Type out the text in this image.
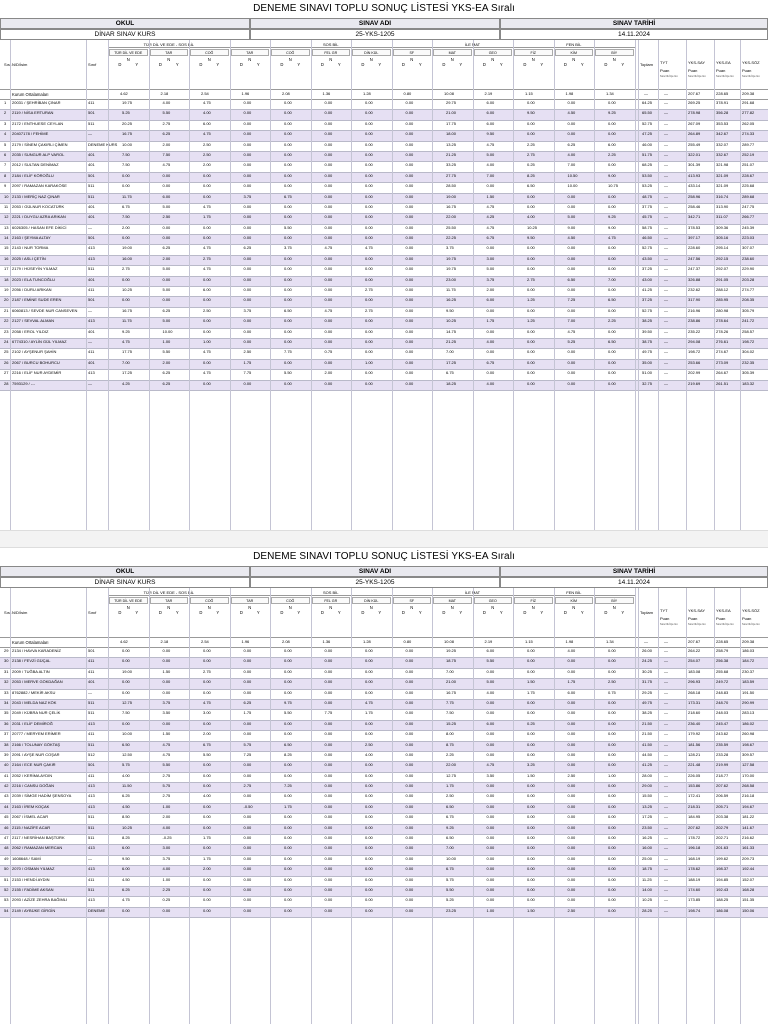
DENEME SINAVI TOPLU SONUÇ LİSTESİ YKS-EA Sıralı
OKUL	SINAV ADI	SINAV TARİHİ
DİNAR SINAV KURS	25-YKS-1205	14.11.2024
Sıra N/D/İsim	Sınıf
TÜR DİL VE EDE - SOS BİL	SOS BİL	İLE MAT	FEN BİL
TÜR DİL VE EDE
N
D	Y
TAR
N
D	Y
COĞ
N
D	Y
TAR
N
D	Y
COĞ
N
D	Y
FEL GR
N
D	Y
DİN KÜL
N
D	Y
SF
N
D	Y
MAT
N
D	Y
GEO
N
D	Y
FİZ
N
D	Y
KİM
N
D	Y
BİY
N
D	Y	Toplam TYT
Puan
Sıra Ok İlçe Gn
YKS-SAY
Puan
Sıra Ok İlçe Gn
YKS-EA
Puan
Sıra Ok İlçe Gn
YKS-SÖZ
Puan
Sıra Ok İlçe Gn
Kurum Ortalamaları	4.62	2.18	2.54	1.96	2.08	1.36	1.28	0.80	10.08	2.19	1.15	1.98	1.34	—	—	207.67	228.65	209.38
1 20031 / ŞEHRİBAN ÇINAR	411	19.75	4.00	4.75	0.00	0.00	0.00	0.00	0.00	29.75	6.00	0.00	0.00	0.00	64.25	—	269.25	378.91	291.68
2 2119 / NİSA ERTURAN	501	5.25	5.50	4.00	0.00	0.00	0.00	0.00	0.00	21.00	6.00	9.50	4.50	9.25	65.50	—	278.98	356.28	277.82
3 2172 / ENTHUESE CEYLAN	511	20.25	2.75	6.00	0.00	0.00	0.00	0.00	0.00	17.75	6.00	0.00	0.00	0.00	52.75	—	267.09	353.53	262.05
4 20407178 / FEHİME	—	16.75	6.25	4.75	0.00	0.00	0.00	0.00	0.00	18.00	9.50	0.00	0.00	0.00	47.25	—	264.89	342.67	274.33
5 2179 / SİNEM ÇAKIRLI ÇİMEN	DENEME KURS 10.00	2.00	2.50	0.00	0.00	0.00	0.00	0.00	13.25	4.75	2.25	6.25	6.00	46.00	—	255.49	332.07	289.77
6 2035 / SUNGUR ALP VAROL	401	7.50	7.50	2.50	0.00	0.00	0.00	0.00	0.00	21.25	5.00	2.75	4.00	2.25	51.75	—	322.01	332.67	252.19
7 2012 / SULTAN DENİMAZ	401	7.50	4.75	2.00	0.00	0.00	0.00	0.00	0.00	33.25	4.00	0.25	7.00	0.00	68.25	—	301.39	321.98	251.07
8 2184 / ELİF KÖROĞLU	501	0.00	0.00	0.00	0.00	0.00	0.00	0.00	0.00	27.75	7.00	8.25	10.50	9.00	53.50	—	413.93	321.09	228.67
9 2097 / RAMAZAN KARAKÖSE	511	0.00	0.00	0.00	0.00	0.00	0.00	0.00	0.00	28.50	0.00	6.50	10.00	10.75	53.25	—	433.14	321.09	225.68
10 2133 / MERİÇ NAZ ÇINAR	511	11.75	6.00	0.00	3.75	6.75	0.00	0.00	0.00	19.00	1.50	0.00	0.00	0.00	48.75	—	258.96	316.74	289.68
11 2053 / GÜLNUR KOCATÜRK	401	6.75	5.00	4.75	0.00	0.00	0.00	0.00	0.00	16.75	4.75	0.00	0.00	0.00	37.75	—	258.46	313.90	247.75
12 2221 / DUYGU AZRA ARIKAN	401	7.50	2.50	1.75	0.00	0.00	0.00	0.00	0.00	22.00	4.25	4.00	5.00	9.25	45.75	—	342.71	311.07	266.77
13 6026305 / HASAN EFE DİKİCİ	—	2.00	0.00	0.00	0.00	5.50	0.00	0.00	0.00	25.50	4.75	10.25	9.00	9.00	58.75	—	378.53	309.36	245.39
14 2163 / ŞEYMA ALTAY	501	0.00	0.00	0.00	0.00	0.00	0.00	0.00	0.00	22.25	6.75	9.50	4.50	4.75	46.50	—	397.17	305.16	223.03
15 2143 / NUR TORMA	413	19.00	6.25	4.75	6.25	3.75	4.75	4.75	0.00	3.75	0.00	0.00	0.00	0.00	52.75	—	228.60	295.14	307.07
16 2025 / ASLI ÇETİN	413	16.00	2.00	2.75	0.00	0.00	0.00	0.00	0.00	19.75	3.00	0.00	0.00	0.00	43.50	—	247.56	292.15	238.60
17 2179 / HÜSEYİN YILMAZ	511	2.75	5.00	4.75	0.00	0.00	0.00	0.00	0.00	19.75	5.00	0.00	0.00	0.00	37.25	—	247.37	292.07	229.90
18 2023 / ELA TUNCOĞLU	401	0.00	0.00	0.00	0.00	0.00	0.00	0.00	0.00	23.00	3.75	2.75	6.50	7.00	43.00	—	326.88	291.05	203.28
19 2056 / DURU ARIKAN	411	10.25	5.00	6.00	0.00	0.00	0.00	2.75	0.00	11.75	2.00	0.00	0.00	0.00	41.25	—	232.62	288.12	274.77
20 2187 / EMİNE SUDE EREN	501	0.00	0.00	0.00	0.00	0.00	0.00	0.00	0.00	16.25	6.00	1.25	7.25	6.50	37.25	—	317.90	285.95	208.35
21 6060813 / SEVDE NUR CANSEVEN	—	16.75	6.25	2.50	3.75	6.50	4.75	2.75	0.00	9.50	0.00	0.00	0.00	0.00	52.75	—	216.96	280.98	305.79
22 2127 / SEVVAL ALMAN	413	11.75	5.00	0.00	0.00	0.00	0.00	0.00	0.00	10.25	1.75	1.25	7.00	2.25	38.25	—	238.86	278.64	241.72
23 2058 / EROL YILDIZ	401	9.25	10.00	0.00	0.00	0.00	0.00	0.00	0.00	14.75	0.00	0.00	4.75	0.00	39.50	—	235.22	278.26	258.57
24 6774310 / AYLİN GÜL YILMAZ	—	4.75	1.00	1.00	0.00	0.00	0.00	0.00	0.00	21.25	4.00	0.00	5.25	6.50	38.75	—	294.08	276.61	198.72
25 2102 / AYŞENUR ŞAHİN	411	17.75	5.50	4.75	2.50	7.75	0.75	0.00	0.00	7.00	0.00	0.00	0.00	0.00	49.75	—	198.72	274.67	304.02
26 2067 / BURCU BOHURCU	401	7.00	2.00	0.00	1.75	0.00	0.00	1.00	0.00	17.25	6.75	0.00	0.00	0.00	35.00	—	253.66	273.09	232.35
27 2216 / ELİF NUR AYDEMİR	413	17.25	6.25	4.75	7.75	5.50	2.00	0.00	0.00	6.75	0.00	0.00	0.00	0.00	51.00	—	202.99	264.67	305.39
28 7593129 / ---	—	4.25	6.25	0.00	0.00	0.00	0.00	0.00	0.00	18.25	4.00	0.00	0.00	0.00	32.75	—	219.69	261.51	183.32
DENEME SINAVI TOPLU SONUÇ LİSTESİ YKS-EA Sıralı
OKUL	SINAV ADI	SINAV TARİHİ
DİNAR SINAV KURS	25-YKS-1205	14.11.2024
Sıra N/D/İsim	Sınıf
TÜR DİL VE EDE - SOS BİL	SOS BİL	İLE MAT	FEN BİL
TÜR DİL VE EDE
N
D	Y
TAR
N
D	Y
COĞ
N
D	Y
TAR
N
D	Y
COĞ
N
D	Y
FEL GR
N
D	Y
DİN KÜL
N
D	Y
SF
N
D	Y
MAT
N
D	Y
GEO
N
D	Y
FİZ
N
D	Y
KİM
N
D	Y
BİY
N
D	Y	Toplam TYT
Puan
Sıra Ok İlçe Gn
YKS-SAY
Puan
Sıra Ok İlçe Gn
YKS-EA
Puan
Sıra Ok İlçe Gn
YKS-SÖZ
Puan
Sıra Ok İlçe Gn
Kurum Ortalamaları	4.62	2.18	2.54	1.96	2.08	1.36	1.28	0.80	10.08	2.19	1.15	1.98	1.34	—	—	207.67	228.65	209.38
29 2134 / HAVVA KARADENİZ	501	0.00	0.00	0.00	0.00	0.00	0.00	0.00	0.00	19.25	6.00	0.00	4.00	0.00	26.00	—	264.22	258.79	186.03
30 2138 / FEVZİ GÜÇAL	411	0.00	0.00	0.00	0.00	0.00	0.00	0.00	0.00	18.75	5.50	0.00	0.00	0.00	24.25	—	254.07	256.38	184.72
31 2009 / TUĞBA ALTIN	411	19.00	1.50	2.75	0.00	0.00	0.00	0.00	0.00	7.00	0.00	0.00	0.00	0.00	30.25	—	183.08	255.68	230.37
32 2053 / MERVE GÖKDAĞAN	401	0.00	0.00	0.00	0.00	0.00	0.00	0.00	0.00	21.00	5.00	1.50	1.75	2.50	31.75	—	296.93	249.72	183.59
33 8762882 / MEKİR AKSU	—	0.00	0.00	0.00	0.00	0.00	0.00	0.00	0.00	16.75	4.00	1.75	6.00	0.75	29.25	—	268.18	248.83	191.50
34 2043 / MELDA NAZ KÖK	511	12.75	3.75	4.75	6.25	9.75	0.00	4.75	0.00	7.75	0.00	0.00	0.00	0.00	49.75	—	173.31	248.70	290.99
35 2049 / KÜBRA NUR ÇELİK	511	7.50	3.50	3.00	1.75	5.50	7.75	1.75	0.00	7.50	0.00	0.00	0.00	0.00	38.25	—	218.60	248.03	283.13
36 2031 / ELİF DEMİROĞ	413	0.00	0.00	0.00	0.00	0.00	0.00	0.00	0.00	15.25	6.00	0.25	0.00	0.00	21.50	—	236.40	245.47	186.02
37 20777 / MERYEM ERİMER	411	10.00	1.50	2.00	0.00	0.00	0.00	0.00	0.00	8.00	0.00	0.00	0.00	0.00	21.50	—	179.92	243.62	260.98
38 2166 / TOLUNAY GÖKTAŞ	511	6.50	4.75	6.75	5.75	6.50	0.00	2.50	0.00	8.75	0.00	0.00	0.00	0.00	41.50	—	181.56	235.59	198.67
39 2091 / AYŞE NUR COŞAR	512	12.50	4.75	5.50	7.25	8.25	0.00	4.00	0.00	2.25	0.00	0.00	0.00	0.00	44.50	—	128.21	233.28	309.57
40 2164 / ECE NUR ÇAKIR	501	5.75	5.50	0.00	0.00	0.00	0.00	0.00	0.00	22.00	4.75	3.25	0.00	0.00	41.25	—	221.48	219.99	127.58
41 2052 / KERİMA AYDIN	411	4.00	2.75	0.00	0.00	0.00	0.00	0.00	0.00	12.75	3.50	1.50	2.50	1.00	28.00	—	226.05	218.77	170.00
42 2216 / CANSU DOĞAN	413	11.50	5.75	0.00	2.75	7.25	0.00	0.00	0.00	1.75	0.00	0.00	0.00	0.00	29.00	—	153.86	207.62	268.58
43 2039 / SİMGE HADİM ŞENSOYA	413	6.25	2.75	4.00	0.00	0.00	0.00	0.00	0.00	2.50	0.00	0.00	0.00	0.00	15.50	—	172.41	206.59	216.18
44 2163 / İREM KOÇAK	413	4.50	1.00	0.00	-0.50	1.75	0.00	0.00	0.00	6.50	0.00	0.00	0.00	0.00	13.25	—	218.31	205.71	194.67
45 2067 / İSMEL ACAR	511	8.50	2.00	0.00	0.00	0.00	0.00	0.00	0.00	6.75	0.00	0.00	0.00	0.00	17.25	—	184.95	203.38	181.22
46 2115 / NAZİFE ACAR	511	10.25	4.00	0.00	0.00	0.00	0.00	0.00	0.00	9.25	0.00	0.00	0.00	0.00	23.50	—	207.62	202.79	141.67
47 2117 / NESRİHAN BAŞTÜRK	511	8.25	-0.25	1.75	0.00	0.00	0.00	0.00	0.00	6.50	0.00	0.00	0.00	0.00	16.25	—	178.72	202.71	216.62
48 2062 / RAMAZAN MERCAN	413	6.00	3.00	0.00	0.00	0.00	0.00	0.00	0.00	7.00	0.00	0.00	0.00	0.00	16.00	—	196.18	201.63	161.33
49 1608648 / SAMİ	—	9.50	3.75	1.75	0.00	0.00	0.00	0.00	0.00	10.00	0.00	0.00	0.00	0.00	25.00	—	168.19	199.62	209.73
50 2070 / OSMAN YILMAZ	413	6.00	4.00	2.00	0.00	0.00	0.00	0.00	0.00	6.75	0.00	0.00	0.00	0.00	18.75	—	178.62	198.37	192.44
51 2153 / HENDİ AYDIN	411	4.50	1.00	0.00	0.00	0.00	0.00	0.00	0.00	5.75	0.00	0.00	0.00	0.00	11.25	—	188.19	194.85	152.07
52 2155 / FADİME AKSAN	511	6.25	2.25	0.00	0.00	0.00	0.00	0.00	0.00	5.50	0.00	0.00	0.00	0.00	14.00	—	174.60	192.43	168.28
53 2093 / AZİZE ZEHRA BAĞIMLI	413	4.75	0.25	0.00	0.00	0.00	0.00	0.00	0.00	5.25	0.00	0.00	0.00	0.00	10.25	—	173.85	188.25	151.35
54 2149 / AYBÜKE GİRGİN	DENEME	0.00	0.00	0.00	0.00	0.00	0.00	0.00	0.00	23.25	1.00	1.50	2.50	0.00	28.25	—	198.74	186.08	150.06
